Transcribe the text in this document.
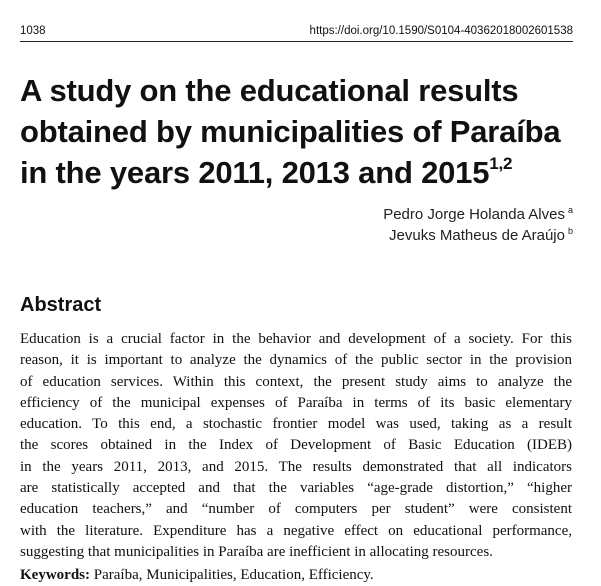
1038	https://doi.org/10.1590/S0104-40362018002601538
A study on the educational results
obtained by municipalities of Paraíba
in the years 2011, 2013 and 2015$^{1,2}$
Pedro Jorge Holanda Alves $^a$
Jevuks Matheus de Araújo $^b$
Abstract
Education is a crucial factor in the behavior and development of a society. For this
reason, it is important to analyze the dynamics of the public sector in the provision
of education services. Within this context, the present study aims to analyze the
efficiency of the municipal expenses of Paraíba in terms of its basic elementary
education. To this end, a stochastic frontier model was used, taking as a result
the scores obtained in the Index of Development of Basic Education (IDEB)
in the years 2011, 2013, and 2015. The results demonstrated that all indicators
are statistically accepted and that the variables “age-grade distortion,” “higher
education teachers,” and “number of computers per student” were consistent
with the literature. Expenditure has a negative effect on educational performance,
suggesting that municipalities in Paraíba are inefficient in allocating resources.
Keywords: Paraíba, Municipalities, Education, Efficiency.
